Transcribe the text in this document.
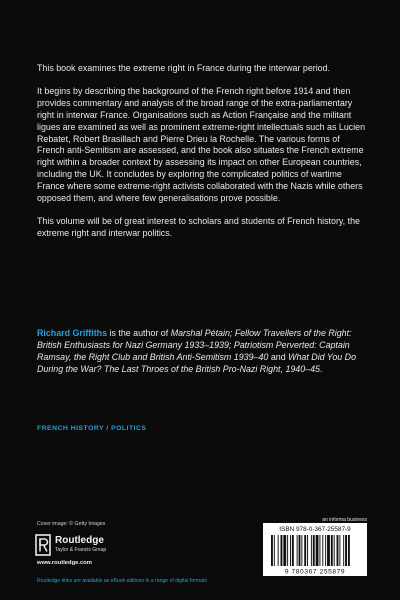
This book examines the extreme right in France during the interwar period.

It begins by describing the background of the French right before 1914 and then provides commentary and analysis of the broad range of the extra-parliamentary right in interwar France. Organisations such as Action Française and the militant ligues are examined as well as prominent extreme-right intellectuals such as Lucien Rebatet, Robert Brasillach and Pierre Drieu la Rochelle. The various forms of French anti-Semitism are assessed, and the book also situates the French extreme right within a broader context by assessing its impact on other European countries, including the UK. It concludes by exploring the complicated politics of wartime France where some extreme-right activists collaborated with the Nazis while others opposed them, and where few generalisations prove possible.

This volume will be of great interest to scholars and students of French history, the extreme right and interwar politics.

Richard Griffiths is the author of Marshal Pétain; Fellow Travellers of the Right: British Enthusiasts for Nazi Germany 1933–1939; Patriotism Perverted: Captain Ramsay, the Right Club and British Anti-Semitism 1939–40 and What Did You Do During the War? The Last Throes of the British Pro-Nazi Right, 1940–45.
FRENCH HISTORY / POLITICS
Cover image: © Getty Images
Routledge
Taylor & Francis Group
www.routledge.com
Routledge titles are available as eBook editions in a range of digital formats
an informa business
ISBN 978-0-367-25587-9
9 780367 255879
